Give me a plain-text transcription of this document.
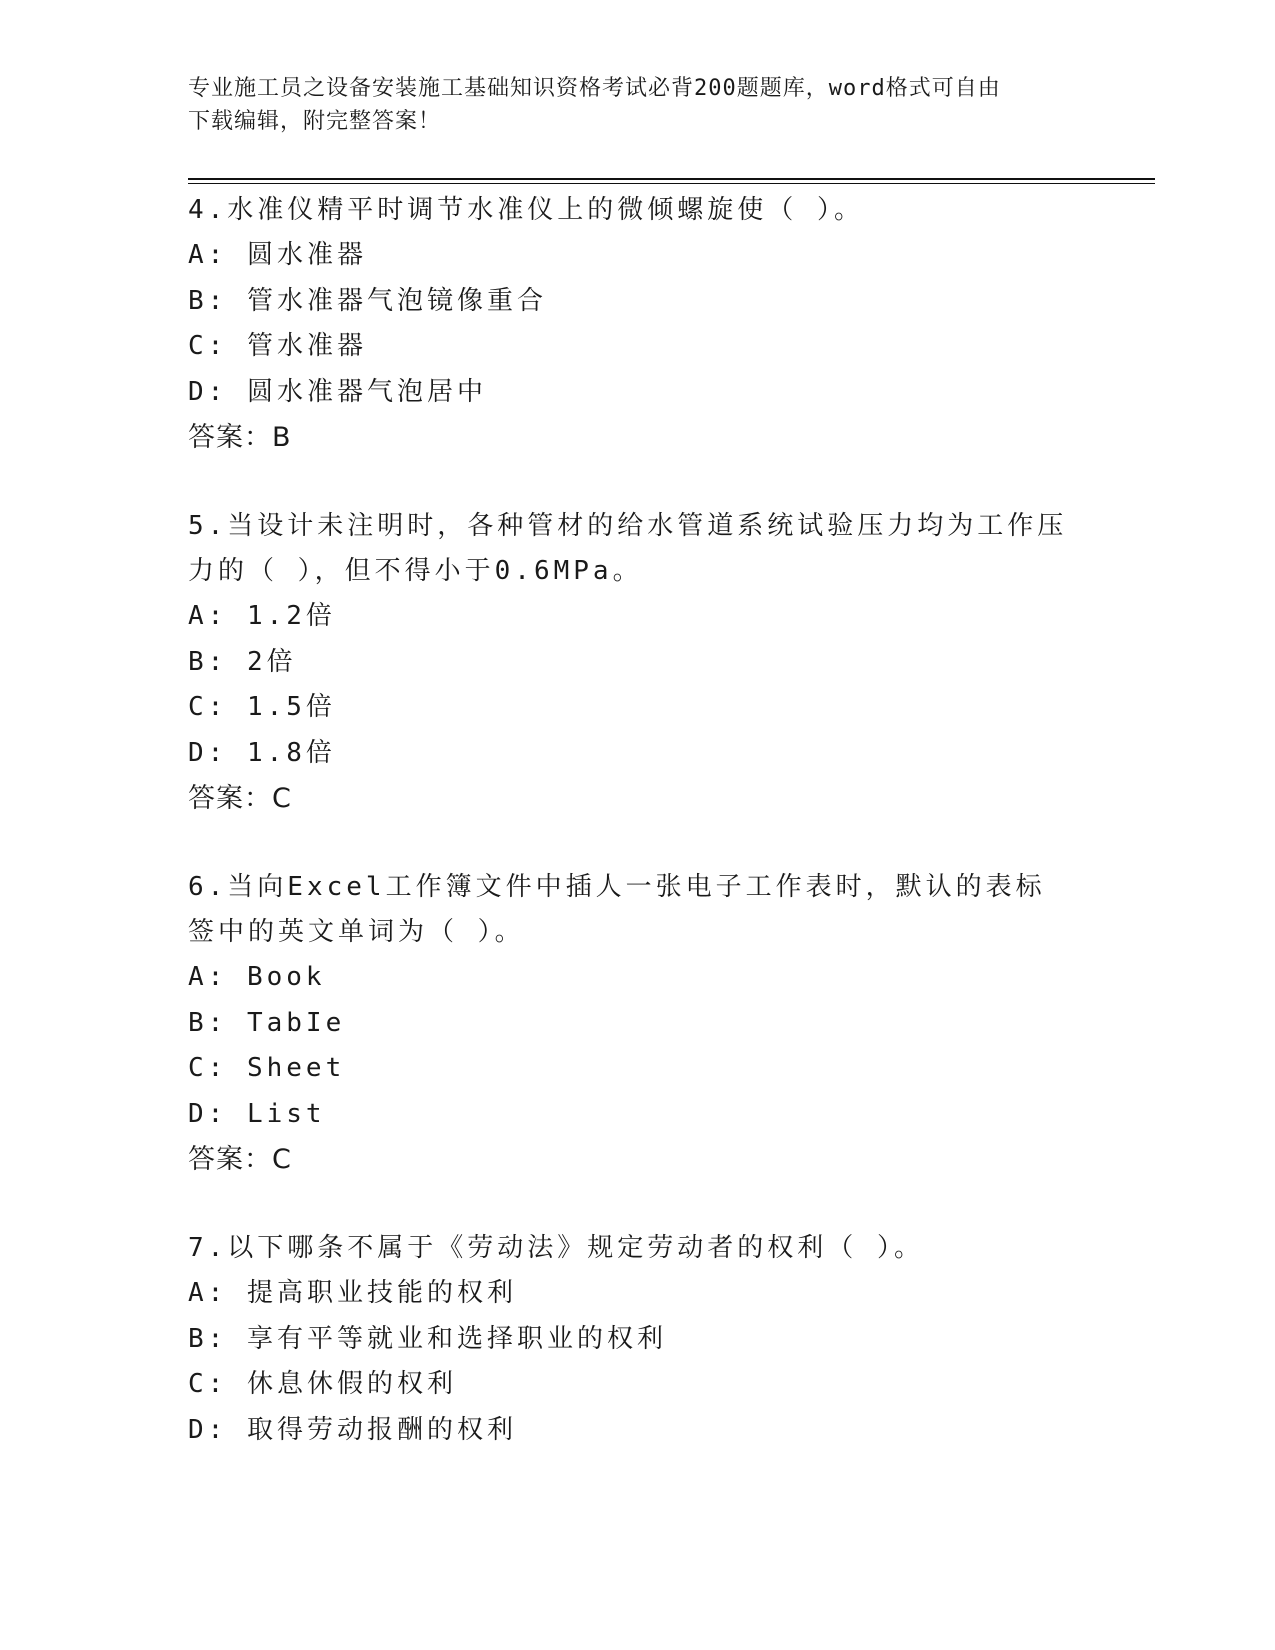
专业施工员之设备安装施工基础知识资格考试必背200题题库，word格式可自由
下载编辑，附完整答案！

4.水准仪精平时调节水准仪上的微倾螺旋使（ ）。

A: 圆水准器

B: 管水准器气泡镜像重合

C: 管水准器

D: 圆水准器气泡居中

答案：B

5.当设计未注明时，各种管材的给水管道系统试验压力均为工作压力的（ ），但不得小于0.6MPa。

A: 1.2倍

B: 2倍

C: 1.5倍

D: 1.8倍

答案：C

6.当向Excel工作簿文件中插人一张电子工作表时，默认的表标签中的英文单词为（ ）。

A: Book

B: TabIe

C: Sheet

D: List

答案：C

7.以下哪条不属于《劳动法》规定劳动者的权利（ ）。

A: 提高职业技能的权利

B: 享有平等就业和选择职业的权利

C: 休息休假的权利

D: 取得劳动报酬的权利
